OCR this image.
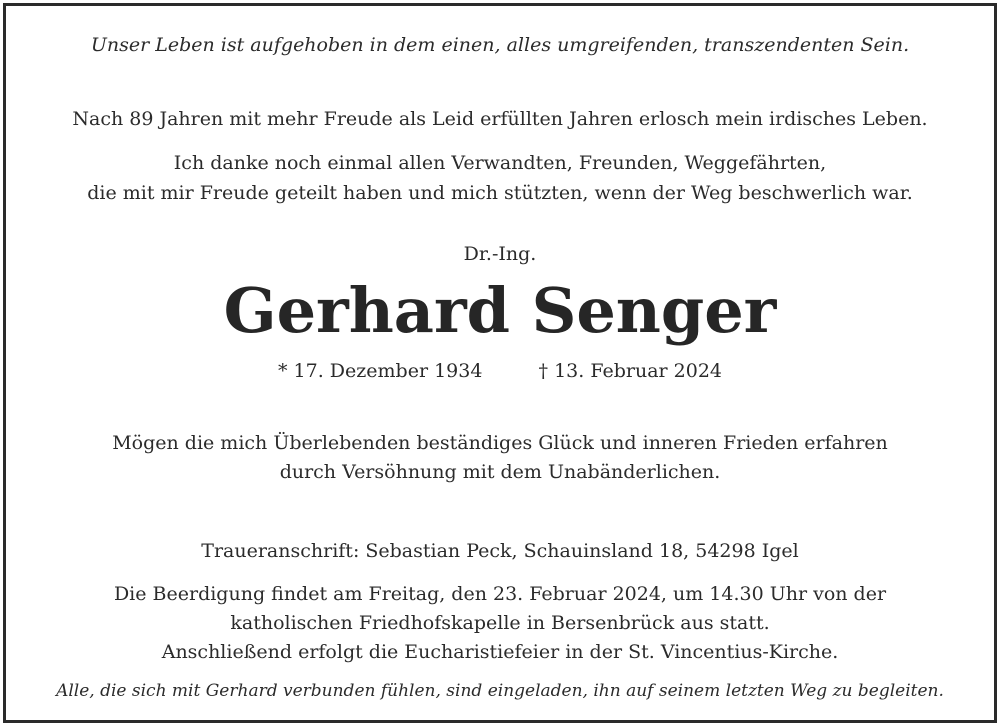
Unser Leben ist aufgehoben in dem einen, alles umgreifenden, transzendenten Sein.
Nach 89 Jahren mit mehr Freude als Leid erfüllten Jahren erlosch mein irdisches Leben.
Ich danke noch einmal allen Verwandten, Freunden, Weggefährten,
die mit mir Freude geteilt haben und mich stützten, wenn der Weg beschwerlich war.
Dr.-Ing.
Gerhard Senger
* 17. Dezember 1934	† 13. Februar 2024
Mögen die mich Überlebenden beständiges Glück und inneren Frieden erfahren
durch Versöhnung mit dem Unabänderlichen.
Traueranschrift: Sebastian Peck, Schauinsland 18, 54298 Igel
Die Beerdigung findet am Freitag, den 23. Februar 2024, um 14.30 Uhr von der
katholischen Friedhofskapelle in Bersenbrück aus statt.
Anschließend erfolgt die Eucharistiefeier in der St. Vincentius-Kirche.
Alle, die sich mit Gerhard verbunden fühlen, sind eingeladen, ihn auf seinem letzten Weg zu begleiten.
